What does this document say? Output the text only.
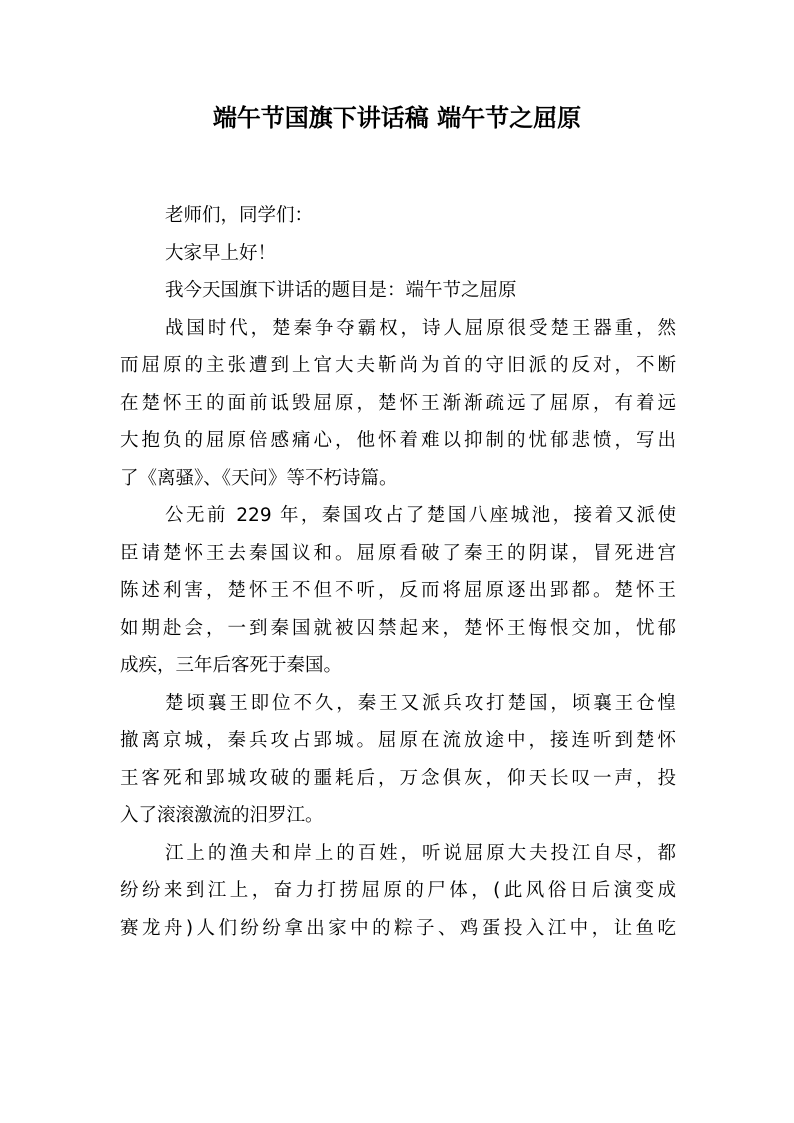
端午节国旗下讲话稿 端午节之屈原
老师们，同学们：
大家早上好！
我今天国旗下讲话的题目是：端午节之屈原
战国时代，楚秦争夺霸权，诗人屈原很受楚王器重，然
而屈原的主张遭到上官大夫靳尚为首的守旧派的反对，不断
在楚怀王的面前诋毁屈原，楚怀王渐渐疏远了屈原，有着远
大抱负的屈原倍感痛心，他怀着难以抑制的忧郁悲愤，写出
了《离骚》、《天问》等不朽诗篇。
公无前 229 年，秦国攻占了楚国八座城池，接着又派使
臣请楚怀王去秦国议和。屈原看破了秦王的阴谋，冒死进宫
陈述利害，楚怀王不但不听，反而将屈原逐出郢都。楚怀王
如期赴会，一到秦国就被囚禁起来，楚怀王悔恨交加，忧郁
成疾，三年后客死于秦国。
楚顷襄王即位不久，秦王又派兵攻打楚国，顷襄王仓惶
撤离京城，秦兵攻占郢城。屈原在流放途中，接连听到楚怀
王客死和郢城攻破的噩耗后，万念俱灰，仰天长叹一声，投
入了滚滚激流的汨罗江。
江上的渔夫和岸上的百姓，听说屈原大夫投江自尽，都
纷纷来到江上，奋力打捞屈原的尸体，(此风俗日后演变成
赛龙舟)人们纷纷拿出家中的粽子、鸡蛋投入江中，让鱼吃
